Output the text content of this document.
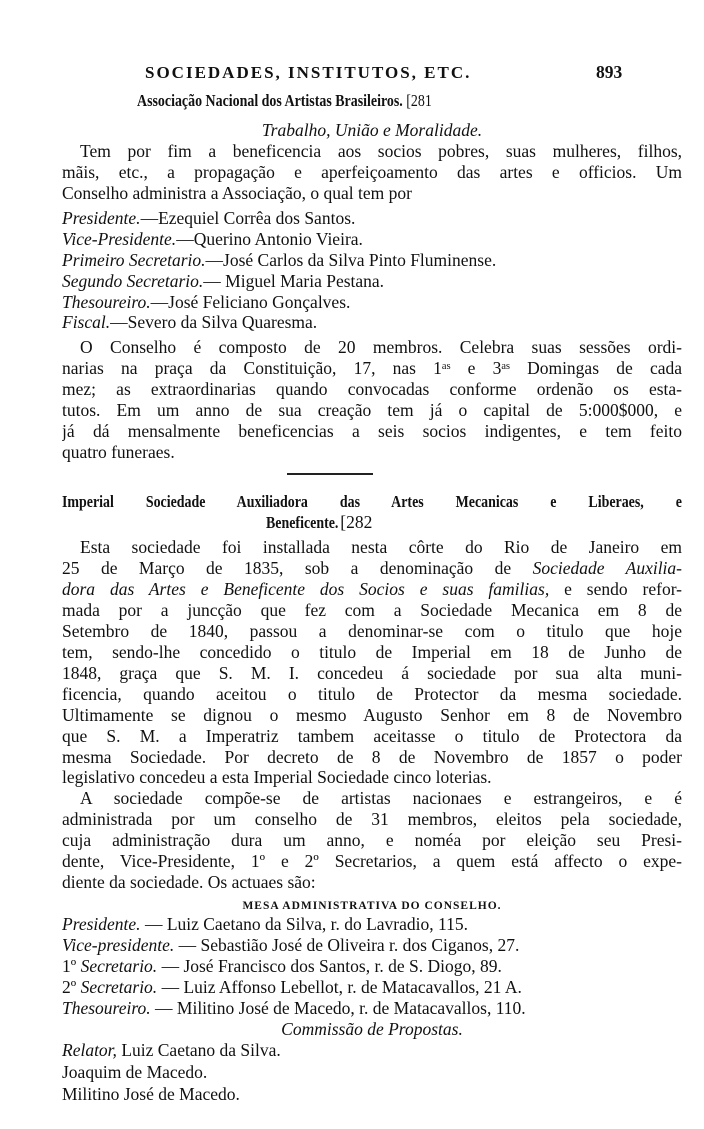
SOCIEDADES, INSTITUTOS, ETC.	893
Associação Nacional dos Artistas Brasileiros. [281
Trabalho, União e Moralidade.
Tem por fim a beneficencia aos socios pobres, suas mulheres, filhos,
mãis, etc., a propagação e aperfeiçoamento das artes e officios. Um
Conselho administra a Associação, o qual tem por
Presidente.—Ezequiel Corrêa dos Santos.
Vice-Presidente.—Querino Antonio Vieira.
Primeiro Secretario.—José Carlos da Silva Pinto Fluminense.
Segundo Secretario.— Miguel Maria Pestana.
Thesoureiro.—José Feliciano Gonçalves.
Fiscal.—Severo da Silva Quaresma.
O Conselho é composto de 20 membros. Celebra suas sessões ordi-
narias na praça da Constituição, 17, nas 1ᵃˢ e 3ᵃˢ Domingas de cada
mez; as extraordinarias quando convocadas conforme ordenão os esta-
tutos. Em um anno de sua creação tem já o capital de 5:000$000, e
já dá mensalmente beneficencias a seis socios indigentes, e tem feito
quatro funeraes.
Imperial Sociedade Auxiliadora das Artes Mecanicas e Liberaes, e
Beneficente. [282
Esta sociedade foi installada nesta côrte do Rio de Janeiro em
25 de Março de 1835, sob a denominação de Sociedade Auxilia-
dora das Artes e Beneficente dos Socios e suas familias, e sendo refor-
mada por a juncção que fez com a Sociedade Mecanica em 8 de
Setembro de 1840, passou a denominar-se com o titulo que hoje
tem, sendo-lhe concedido o titulo de Imperial em 18 de Junho de
1848, graça que S. M. I. concedeu á sociedade por sua alta muni-
ficencia, quando aceitou o titulo de Protector da mesma sociedade.
Ultimamente se dignou o mesmo Augusto Senhor em 8 de Novembro
que S. M. a Imperatriz tambem aceitasse o titulo de Protectora da
mesma Sociedade. Por decreto de 8 de Novembro de 1857 o poder
legislativo concedeu a esta Imperial Sociedade cinco loterias.
A sociedade compõe-se de artistas nacionaes e estrangeiros, e é
administrada por um conselho de 31 membros, eleitos pela sociedade,
cuja administração dura um anno, e noméa por eleição seu Presi-
dente, Vice-Presidente, 1º e 2º Secretarios, a quem está affecto o expe-
diente da sociedade. Os actuaes são:
MESA ADMINISTRATIVA DO CONSELHO.
Presidente. — Luiz Caetano da Silva, r. do Lavradio, 115.
Vice-presidente. — Sebastião José de Oliveira r. dos Ciganos, 27.
1º Secretario. — José Francisco dos Santos, r. de S. Diogo, 89.
2º Secretario. — Luiz Affonso Lebellot, r. de Matacavallos, 21 A.
Thesoureiro. — Militino José de Macedo, r. de Matacavallos, 110.
Commissão de Propostas.
Relator, Luiz Caetano da Silva.
Joaquim de Macedo.
Militino José de Macedo.
